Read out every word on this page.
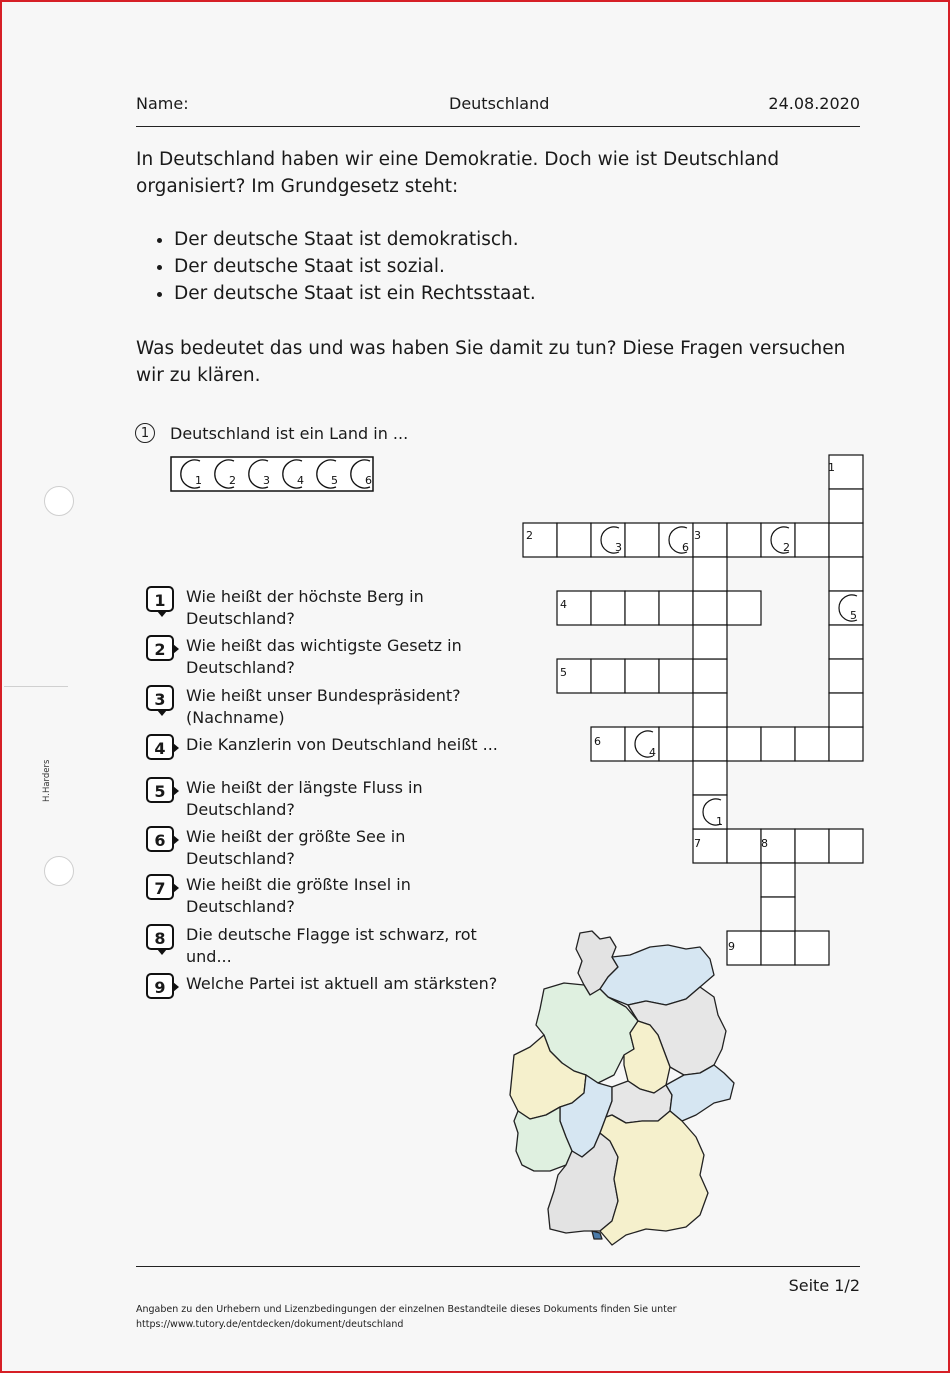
H.Harders
Name:	Deutschland	24.08.2020
In Deutschland haben wir eine Demokratie. Doch wie ist Deutschland organisiert? Im Grundgesetz steht:
• Der deutsche Staat ist demokratisch.
• Der deutsche Staat ist sozial.
• Der deutsche Staat ist ein Rechtsstaat.
Was bedeutet das und was haben Sie damit zu tun? Diese Fragen versuchen wir zu klären.
1	Deutschland ist ein Land in ...
1 2 3 4 5 6
1	Wie heißt der höchste Berg in Deutschland?
2	Wie heißt das wichtigste Gesetz in Deutschland?
3	Wie heißt unser Bundespräsident? (Nachname)
4	Die Kanzlerin von Deutschland heißt ...
5	Wie heißt der längste Fluss in Deutschland?
6	Wie heißt der größte See in Deutschland?
7	Wie heißt die größte Insel in Deutschland?
8	Die deutsche Flagge ist schwarz, rot und...
9	Welche Partei ist aktuell am stärksten?
1
2	3
4
5
6
7	8
9
3	6	2
5
4
1
Seite 1/2
Angaben zu den Urhebern und Lizenzbedingungen der einzelnen Bestandteile dieses Dokuments finden Sie unter
https://www.tutory.de/entdecken/dokument/deutschland
